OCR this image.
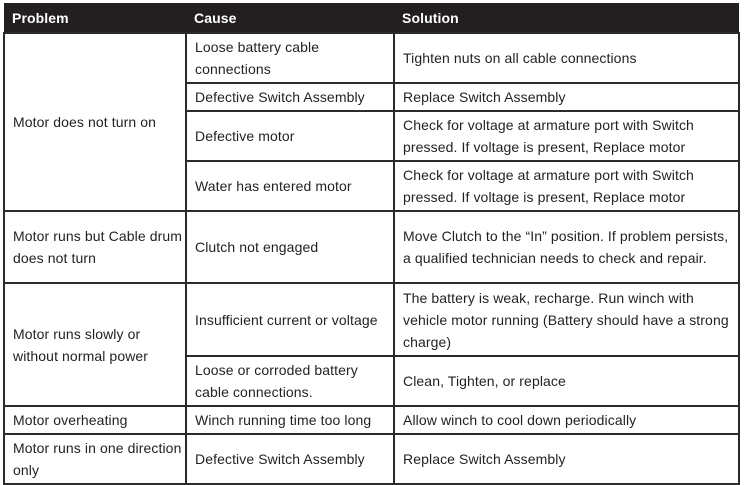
Problem	Cause	Solution
Motor does not turn on	Loose battery cable connections	Tighten nuts on all cable connections
	Defective Switch Assembly	Replace Switch Assembly
	Defective motor	Check for voltage at armature port with Switch pressed. If voltage is present, Replace motor
	Water has entered motor	Check for voltage at armature port with Switch pressed. If voltage is present, Replace motor
Motor runs but Cable drum does not turn	Clutch not engaged	Move Clutch to the “In” position. If problem persists, a qualified technician needs to check and repair.
Motor runs slowly or without normal power	Insufficient current or voltage	The battery is weak, recharge. Run winch with vehicle motor running (Battery should have a strong charge)
	Loose or corroded battery cable connections.	Clean, Tighten, or replace
Motor overheating	Winch running time too long	Allow winch to cool down periodically
Motor runs in one direction only	Defective Switch Assembly	Replace Switch Assembly
